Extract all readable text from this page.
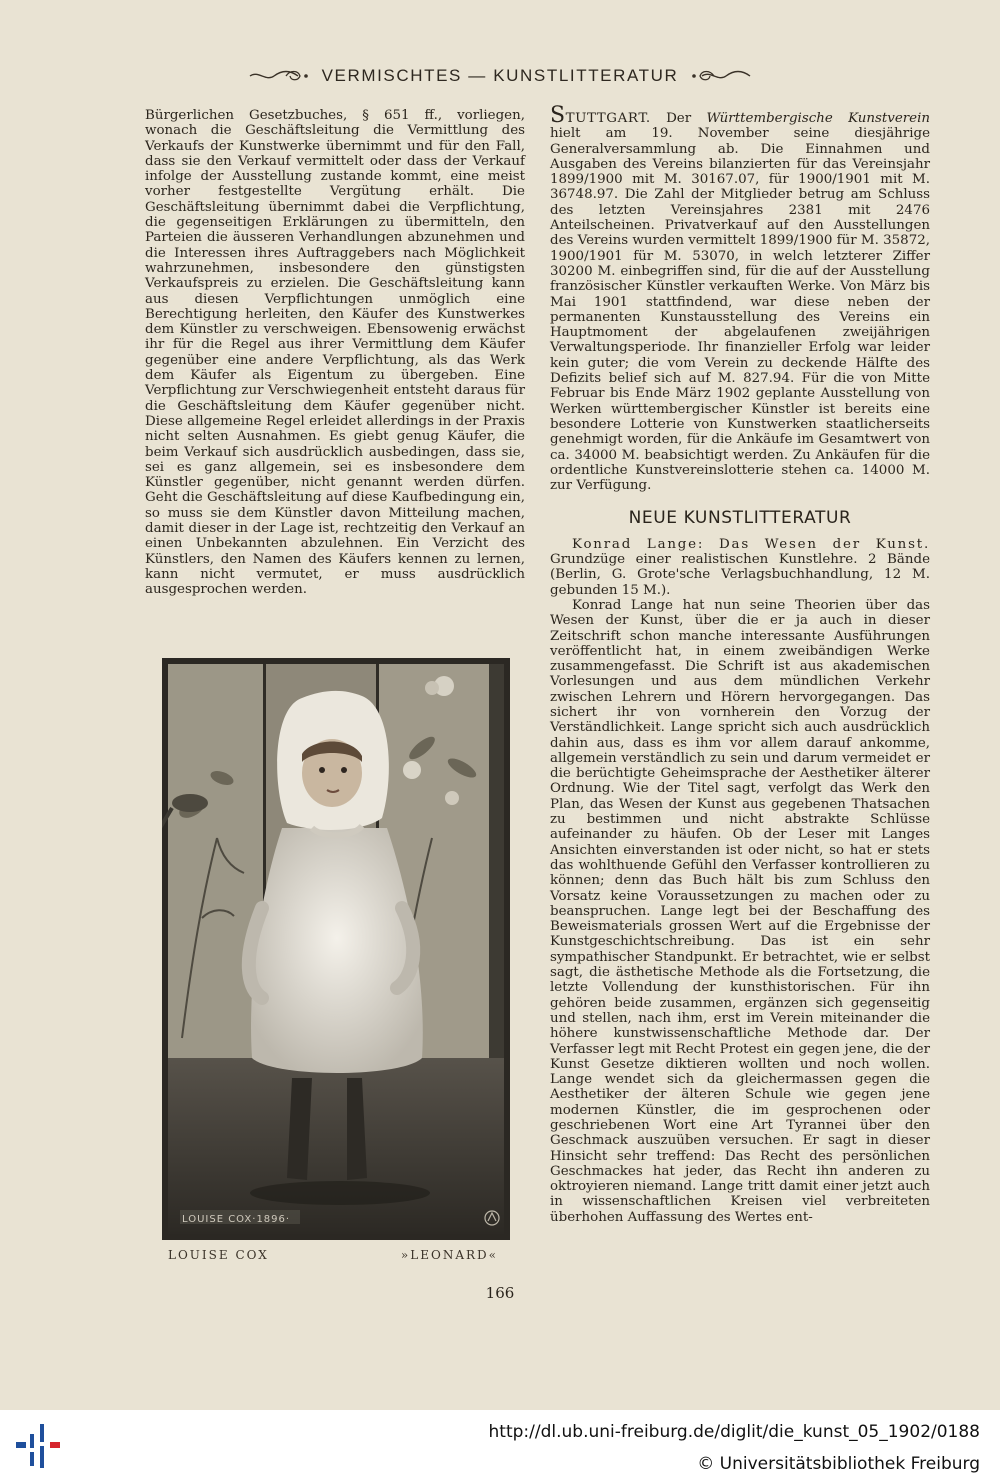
VERMISCHTES — KUNSTLITTERATUR

Bürgerlichen Gesetzbuches, § 651 ff., vorliegen, wonach die Geschäftsleitung die Vermittlung des Verkaufs der Kunstwerke übernimmt und für den Fall, dass sie den Verkauf vermittelt oder dass der Verkauf infolge der Ausstellung zustande kommt, eine meist vorher festgestellte Vergütung erhält. Die Geschäftsleitung übernimmt dabei die Verpflichtung, die gegenseitigen Erklärungen zu übermitteln, den Parteien die äusseren Verhandlungen abzunehmen und die Interessen ihres Auftraggebers nach Möglichkeit wahrzunehmen, insbesondere den günstigsten Verkaufspreis zu erzielen. Die Geschäftsleitung kann aus diesen Verpflichtungen unmöglich eine Berechtigung herleiten, den Käufer des Kunstwerkes dem Künstler zu verschweigen. Ebensowenig erwächst ihr für die Regel aus ihrer Vermittlung dem Käufer gegenüber eine andere Verpflichtung, als das Werk dem Käufer als Eigentum zu übergeben. Eine Verpflichtung zur Verschwiegenheit entsteht daraus für die Geschäftsleitung dem Käufer gegenüber nicht. Diese allgemeine Regel erleidet allerdings in der Praxis nicht selten Ausnahmen. Es giebt genug Käufer, die beim Verkauf sich ausdrücklich ausbedingen, dass sie, sei es ganz allgemein, sei es insbesondere dem Künstler gegenüber, nicht genannt werden dürfen. Geht die Geschäftsleitung auf diese Kaufbedingung ein, so muss sie dem Künstler davon Mitteilung machen, damit dieser in der Lage ist, rechtzeitig den Verkauf an einen Unbekannten abzulehnen. Ein Verzicht des Künstlers, den Namen des Käufers kennen zu lernen, kann nicht vermutet, er muss ausdrücklich ausgesprochen werden.

LOUISE COX·1896·
LOUISE COX	»LEONARD«

STUTTGART. Der Württembergische Kunstverein hielt am 19. November seine diesjährige Generalversammlung ab. Die Einnahmen und Ausgaben des Vereins bilanzierten für das Vereinsjahr 1899/1900 mit M. 30167.07, für 1900/1901 mit M. 36748.97. Die Zahl der Mitglieder betrug am Schluss des letzten Vereinsjahres 2381 mit 2476 Anteilscheinen. Privatverkauf auf den Ausstellungen des Vereins wurden vermittelt 1899/1900 für M. 35872, 1900/1901 für M. 53070, in welch letzterer Ziffer 30200 M. einbegriffen sind, für die auf der Ausstellung französischer Künstler verkauften Werke. Von März bis Mai 1901 stattfindend, war diese neben der permanenten Kunstausstellung des Vereins ein Hauptmoment der abgelaufenen zweijährigen Verwaltungsperiode. Ihr finanzieller Erfolg war leider kein guter; die vom Verein zu deckende Hälfte des Defizits belief sich auf M. 827.94. Für die von Mitte Februar bis Ende März 1902 geplante Ausstellung von Werken württembergischer Künstler ist bereits eine besondere Lotterie von Kunstwerken staatlicherseits genehmigt worden, für die Ankäufe im Gesamtwert von ca. 34000 M. beabsichtigt werden. Zu Ankäufen für die ordentliche Kunstvereinslotterie stehen ca. 14000 M. zur Verfügung.

NEUE KUNSTLITTERATUR

Konrad Lange: Das Wesen der Kunst. Grundzüge einer realistischen Kunstlehre. 2 Bände (Berlin, G. Grote'sche Verlagsbuchhandlung, 12 M. gebunden 15 M.).

Konrad Lange hat nun seine Theorien über das Wesen der Kunst, über die er ja auch in dieser Zeitschrift schon manche interessante Ausführungen veröffentlicht hat, in einem zweibändigen Werke zusammengefasst. Die Schrift ist aus akademischen Vorlesungen und aus dem mündlichen Verkehr zwischen Lehrern und Hörern hervorgegangen. Das sichert ihr von vornherein den Vorzug der Verständlichkeit. Lange spricht sich auch ausdrücklich dahin aus, dass es ihm vor allem darauf ankomme, allgemein verständlich zu sein und darum vermeidet er die berüchtigte Geheimsprache der Aesthetiker älterer Ordnung. Wie der Titel sagt, verfolgt das Werk den Plan, das Wesen der Kunst aus gegebenen Thatsachen zu bestimmen und nicht abstrakte Schlüsse aufeinander zu häufen. Ob der Leser mit Langes Ansichten einverstanden ist oder nicht, so hat er stets das wohlthuende Gefühl den Verfasser kontrollieren zu können; denn das Buch hält bis zum Schluss den Vorsatz keine Voraussetzungen zu machen oder zu beanspruchen. Lange legt bei der Beschaffung des Beweismaterials grossen Wert auf die Ergebnisse der Kunstgeschichtschreibung. Das ist ein sehr sympathischer Standpunkt. Er betrachtet, wie er selbst sagt, die ästhetische Methode als die Fortsetzung, die letzte Vollendung der kunsthistorischen. Für ihn gehören beide zusammen, ergänzen sich gegenseitig und stellen, nach ihm, erst im Verein miteinander die höhere kunstwissenschaftliche Methode dar. Der Verfasser legt mit Recht Protest ein gegen jene, die der Kunst Gesetze diktieren wollten und noch wollen. Lange wendet sich da gleichermassen gegen die Aesthetiker der älteren Schule wie gegen jene modernen Künstler, die im gesprochenen oder geschriebenen Wort eine Art Tyrannei über den Geschmack auszuüben versuchen. Er sagt in dieser Hinsicht sehr treffend: Das Recht des persönlichen Geschmackes hat jeder, das Recht ihn anderen zu oktroyieren niemand. Lange tritt damit einer jetzt auch in wissenschaftlichen Kreisen viel verbreiteten überhohen Auffassung des Wertes ent-

166
http://dl.ub.uni-freiburg.de/diglit/die_kunst_05_1902/0188
© Universitätsbibliothek Freiburg
